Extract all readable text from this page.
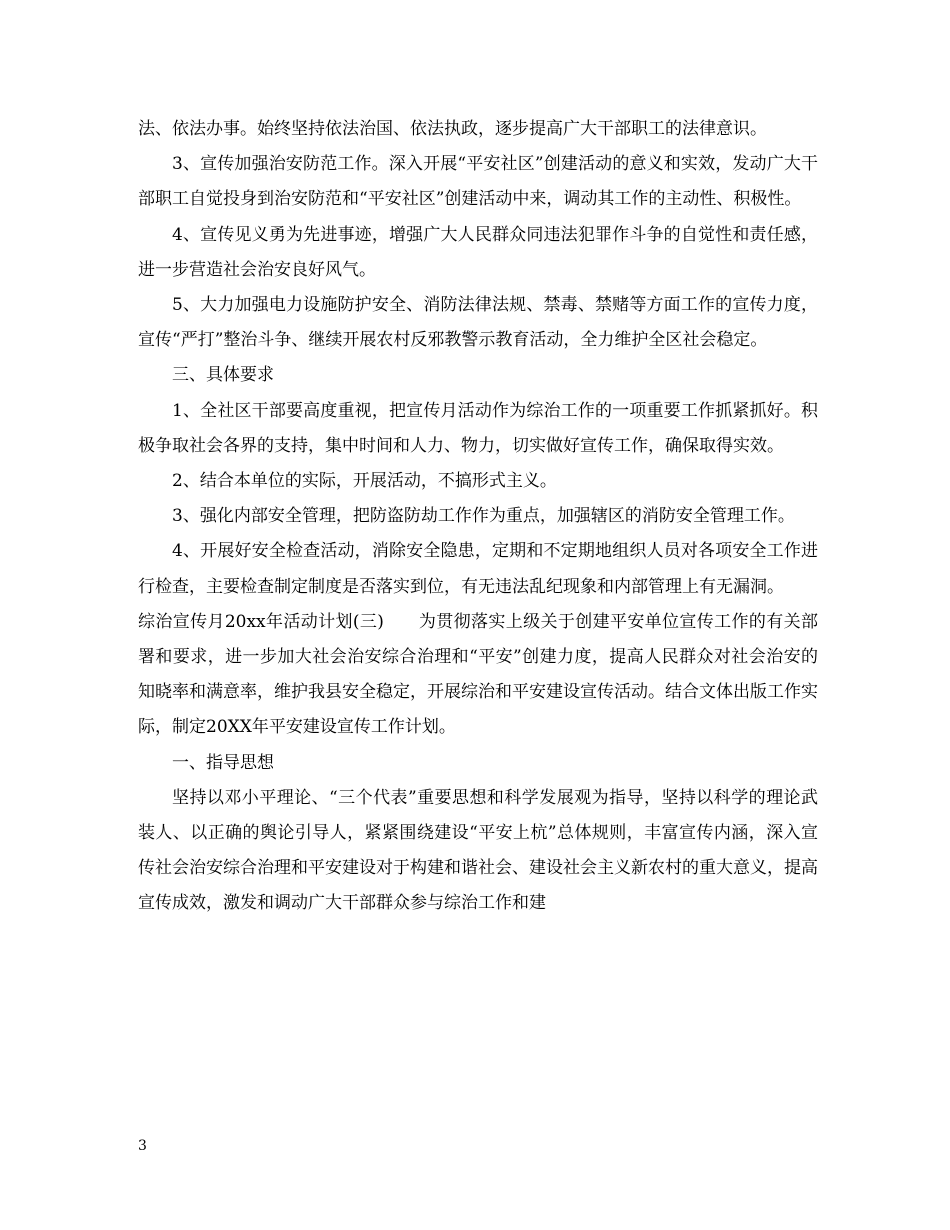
法、依法办事。始终坚持依法治国、依法执政，逐步提高广大干部职工的法律意识。

3、宣传加强治安防范工作。深入开展“平安社区”创建活动的意义和实效，发动广大干部职工自觉投身到治安防范和“平安社区”创建活动中来，调动其工作的主动性、积极性。

4、宣传见义勇为先进事迹，增强广大人民群众同违法犯罪作斗争的自觉性和责任感，进一步营造社会治安良好风气。

5、大力加强电力设施防护安全、消防法律法规、禁毒、禁赌等方面工作的宣传力度，宣传“严打”整治斗争、继续开展农村反邪教警示教育活动，全力维护全区社会稳定。

三、具体要求

1、全社区干部要高度重视，把宣传月活动作为综治工作的一项重要工作抓紧抓好。积极争取社会各界的支持，集中时间和人力、物力，切实做好宣传工作，确保取得实效。

2、结合本单位的实际，开展活动，不搞形式主义。

3、强化内部安全管理，把防盗防劫工作作为重点，加强辖区的消防安全管理工作。

4、开展好安全检查活动，消除安全隐患，定期和不定期地组织人员对各项安全工作进行检查，主要检查制定制度是否落实到位，有无违法乱纪现象和内部管理上有无漏洞。

综治宣传月20xx年活动计划(三)　　为贯彻落实上级关于创建平安单位宣传工作的有关部署和要求，进一步加大社会治安综合治理和“平安”创建力度，提高人民群众对社会治安的知晓率和满意率，维护我县安全稳定，开展综治和平安建设宣传活动。结合文体出版工作实际，制定20XX年平安建设宣传工作计划。

一、指导思想

坚持以邓小平理论、“三个代表”重要思想和科学发展观为指导，坚持以科学的理论武装人、以正确的舆论引导人，紧紧围绕建设“平安上杭”总体规则，丰富宣传内涵，深入宣传社会治安综合治理和平安建设对于构建和谐社会、建设社会主义新农村的重大意义，提高宣传成效，激发和调动广大干部群众参与综治工作和建

3
